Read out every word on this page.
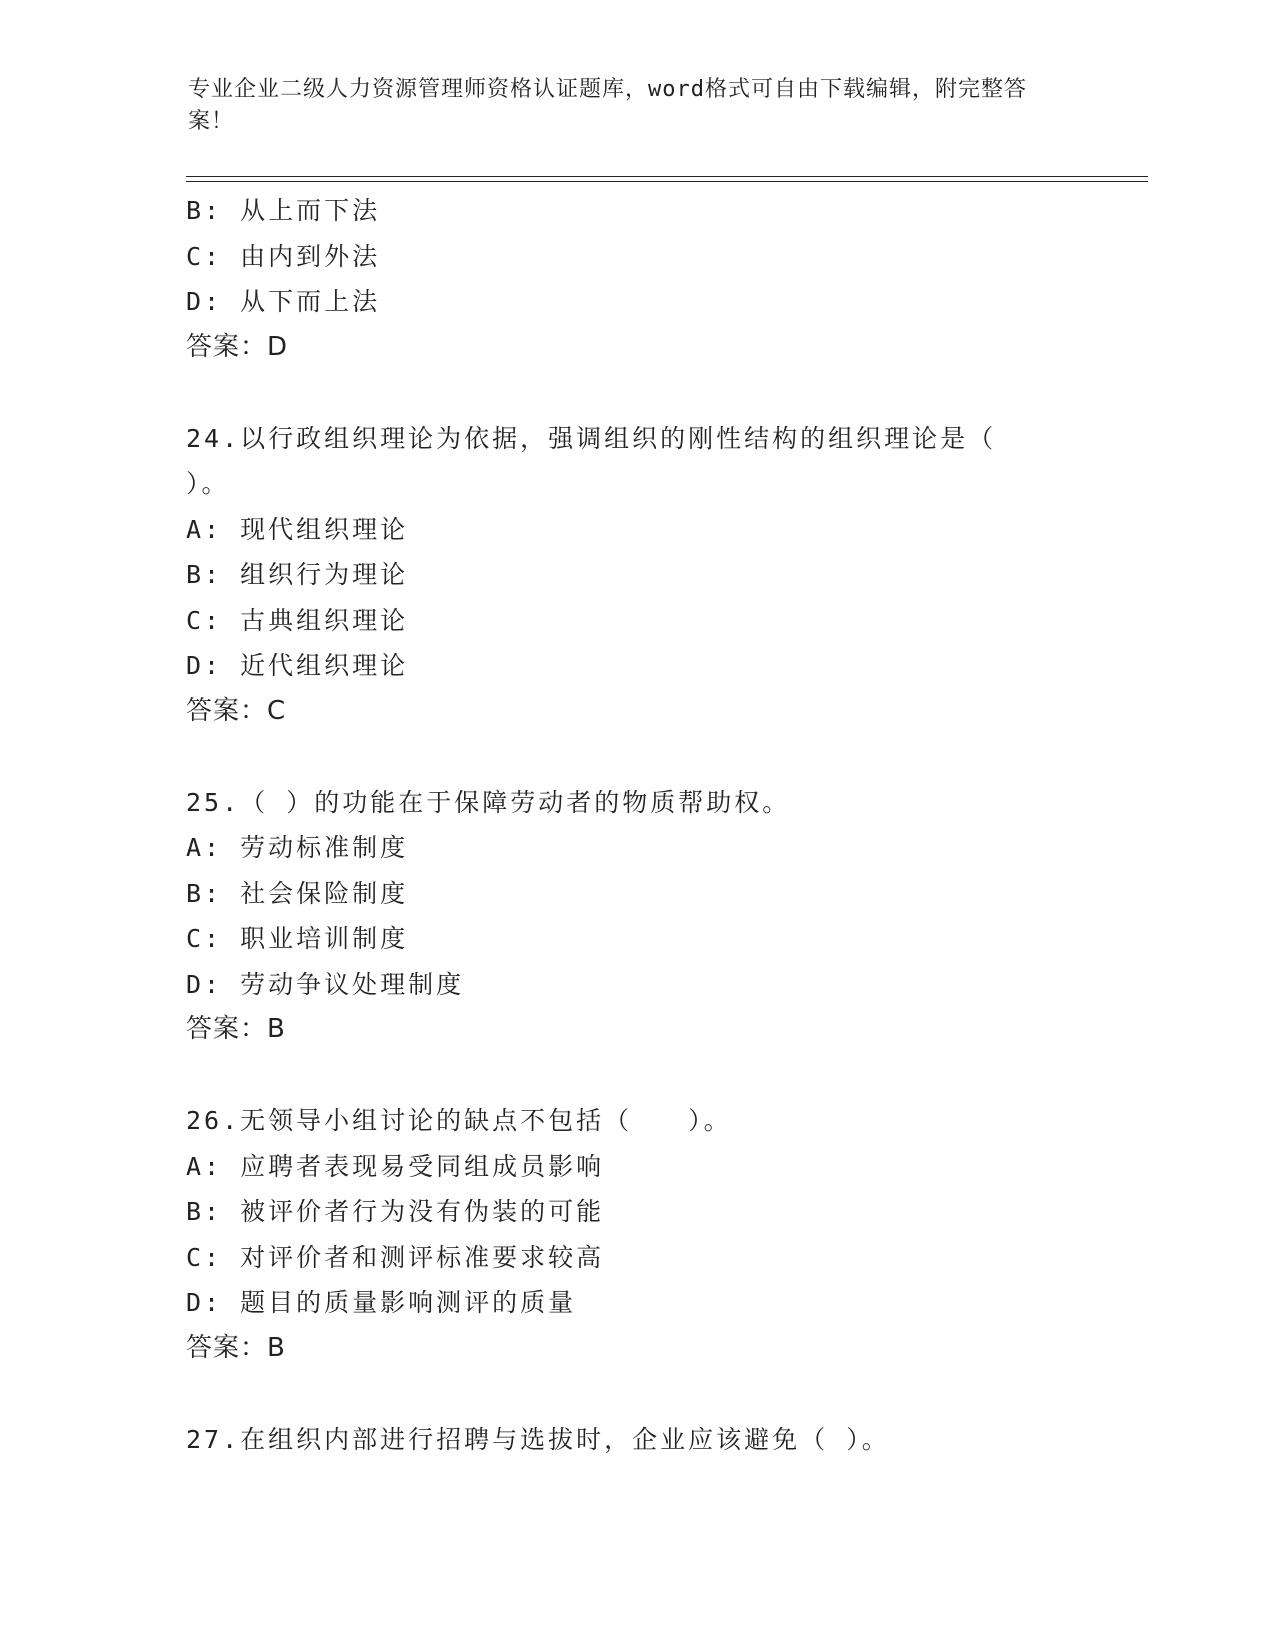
专业企业二级人力资源管理师资格认证题库，word格式可自由下载编辑，附完整答案！
B: 从上而下法
C: 由内到外法
D: 从下而上法
答案：D
24.以行政组织理论为依据，强调组织的刚性结构的组织理论是（
）。
A: 现代组织理论
B: 组织行为理论
C: 古典组织理论
D: 近代组织理论
答案：C
25.（ ）的功能在于保障劳动者的物质帮助权。
A: 劳动标准制度
B: 社会保险制度
C: 职业培训制度
D: 劳动争议处理制度
答案：B
26.无领导小组讨论的缺点不包括（　　）。
A: 应聘者表现易受同组成员影响
B: 被评价者行为没有伪装的可能
C: 对评价者和测评标准要求较高
D: 题目的质量影响测评的质量
答案：B
27.在组织内部进行招聘与选拔时，企业应该避免（ ）。
